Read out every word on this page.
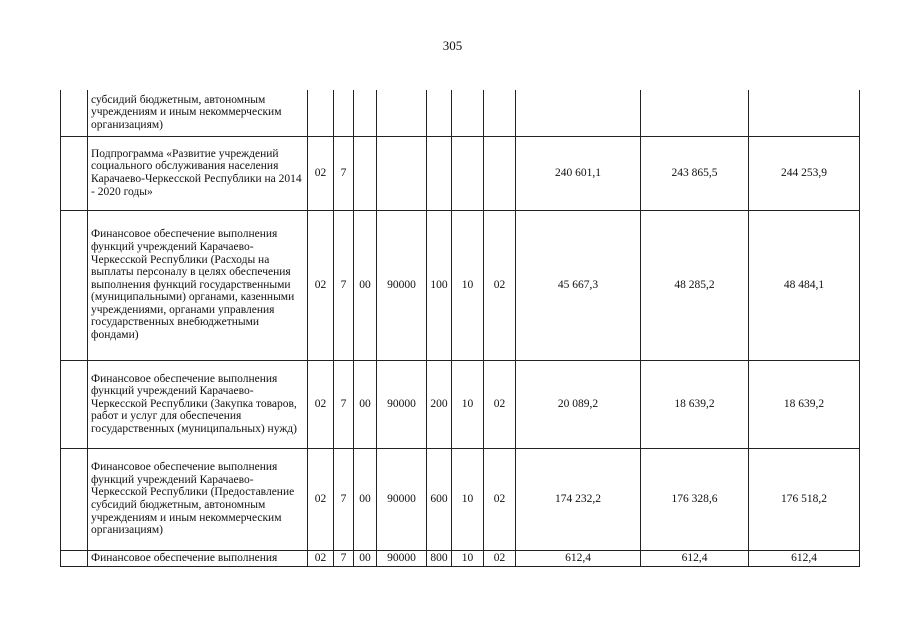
305
	субсидий бюджетным, автономным учреждениям и иным некоммерческим организациям)										
	Подпрограмма «Развитие учреждений социального обслуживания населения Карачаево-Черкесской Республики на 2014 - 2020 годы»	02	7						240 601,1	243 865,5	244 253,9
	Финансовое обеспечение выполнения функций учреждений Карачаево-Черкесской Республики (Расходы на выплаты персоналу в целях обеспечения выполнения функций государственными (муниципальными) органами, казенными учреждениями, органами управления государственных внебюджетными фондами)	02	7	00	90000	100	10	02	45 667,3	48 285,2	48 484,1
	Финансовое обеспечение выполнения функций учреждений Карачаево-Черкесской Республики (Закупка товаров, работ и услуг для обеспечения государственных (муниципальных) нужд)	02	7	00	90000	200	10	02	20 089,2	18 639,2	18 639,2
	Финансовое обеспечение выполнения функций учреждений Карачаево-Черкесской Республики (Предоставление субсидий бюджетным, автономным учреждениям и иным некоммерческим организациям)	02	7	00	90000	600	10	02	174 232,2	176 328,6	176 518,2
	Финансовое обеспечение выполнения	02	7	00	90000	800	10	02	612,4	612,4	612,4
